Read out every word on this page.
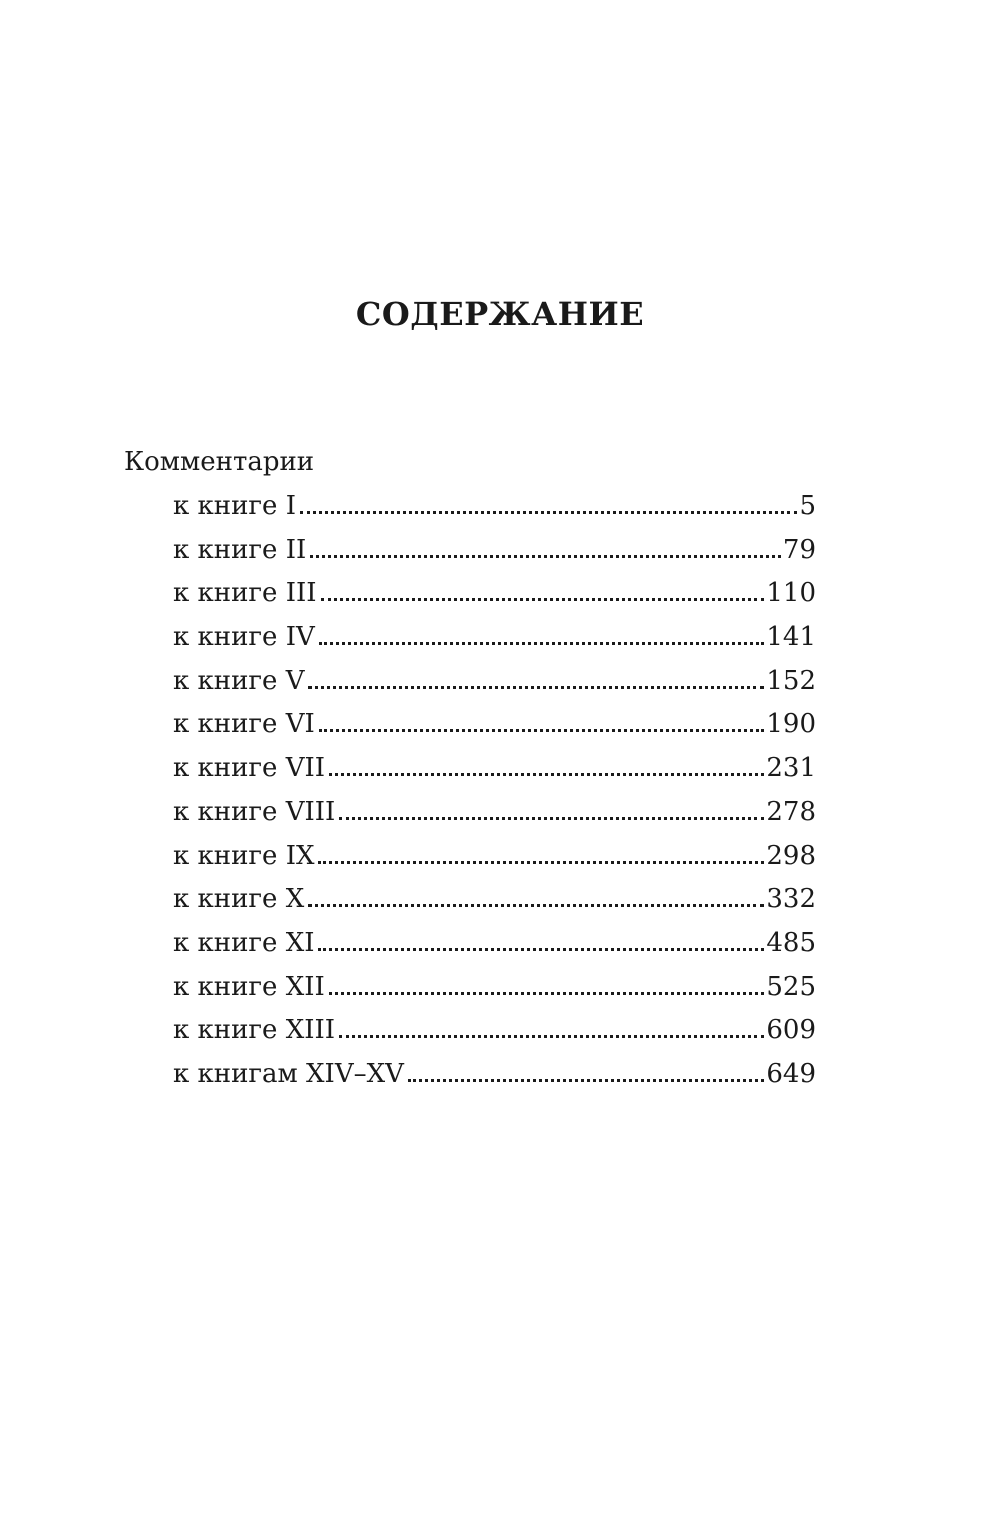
СОДЕРЖАНИЕ
Комментарии
к книге I	5
к книге II	79
к книге III	110
к книге IV	141
к книге V	152
к книге VI	190
к книге VII	231
к книге VIII	278
к книге IX	298
к книге X	332
к книге XI	485
к книге XII	525
к книге XIII	609
к книгам XIV–XV	649
